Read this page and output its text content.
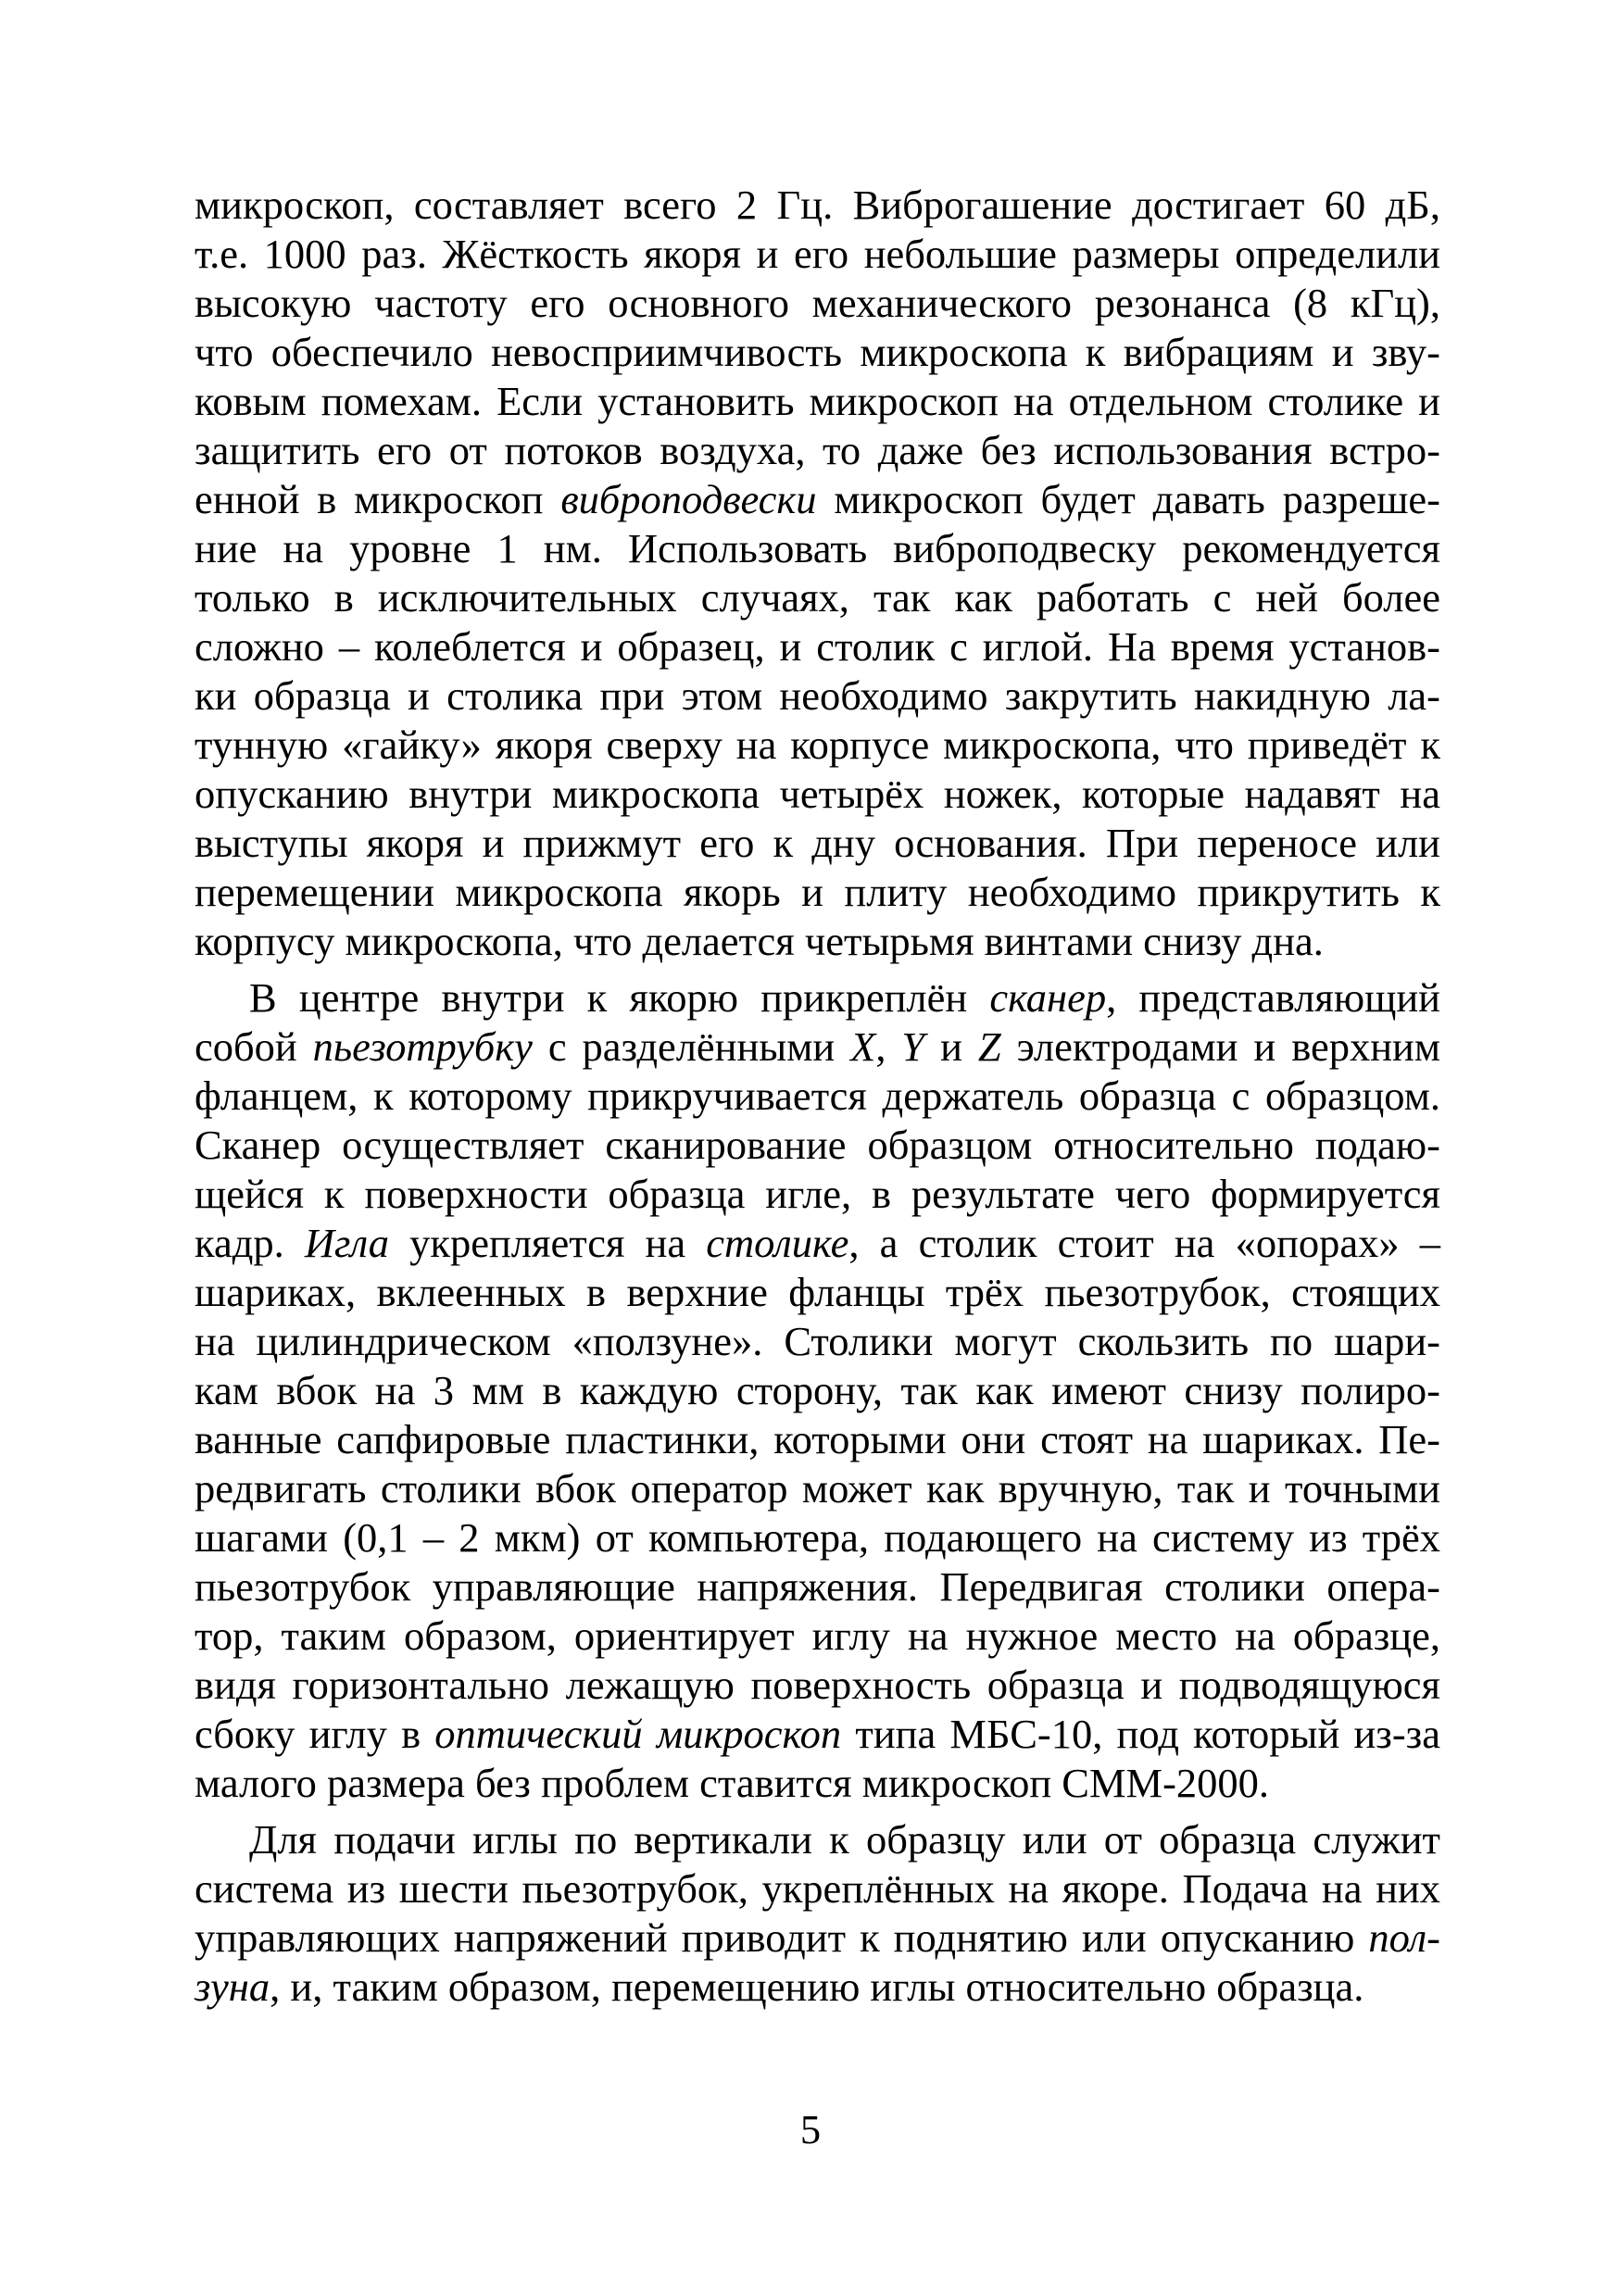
микроскоп, составляет всего 2 Гц. Виброгашение достигает 60 дБ,
т.е. 1000 раз. Жёсткость якоря и его небольшие размеры определили
высокую частоту его основного механического резонанса (8 кГц),
что обеспечило невосприимчивость микроскопа к вибрациям и зву-
ковым помехам. Если установить микроскоп на отдельном столике и
защитить его от потоков воздуха, то даже без использования встро-
енной в микроскоп виброподвески микроскоп будет давать разреше-
ние на уровне 1 нм. Использовать виброподвеску рекомендуется
только в исключительных случаях, так как работать с ней более
сложно – колеблется и образец, и столик с иглой. На время установ-
ки образца и столика при этом необходимо закрутить накидную ла-
тунную «гайку» якоря сверху на корпусе микроскопа, что приведёт к
опусканию внутри микроскопа четырёх ножек, которые надавят на
выступы якоря и прижмут его к дну основания. При переносе или
перемещении микроскопа якорь и плиту необходимо прикрутить к
корпусу микроскопа, что делается четырьмя винтами снизу дна.
В центре внутри к якорю прикреплён сканер, представляющий
собой пьезотрубку с разделёнными X, Y и Z электродами и верхним
фланцем, к которому прикручивается держатель образца с образцом.
Сканер осуществляет сканирование образцом относительно подаю-
щейся к поверхности образца игле, в результате чего формируется
кадр. Игла укрепляется на столике, а столик стоит на «опорах» –
шариках, вклеенных в верхние фланцы трёх пьезотрубок, стоящих
на цилиндрическом «ползуне». Столики могут скользить по шари-
кам вбок на 3 мм в каждую сторону, так как имеют снизу полиро-
ванные сапфировые пластинки, которыми они стоят на шариках. Пе-
редвигать столики вбок оператор может как вручную, так и точными
шагами (0,1 – 2 мкм) от компьютера, подающего на систему из трёх
пьезотрубок управляющие напряжения. Передвигая столики опера-
тор, таким образом, ориентирует иглу на нужное место на образце,
видя горизонтально лежащую поверхность образца и подводящуюся
сбоку иглу в оптический микроскоп типа МБС-10, под который из-за
малого размера без проблем ставится микроскоп СММ-2000.
Для подачи иглы по вертикали к образцу или от образца служит
система из шести пьезотрубок, укреплённых на якоре. Подача на них
управляющих напряжений приводит к поднятию или опусканию пол-
зуна, и, таким образом, перемещению иглы относительно образца.
5
